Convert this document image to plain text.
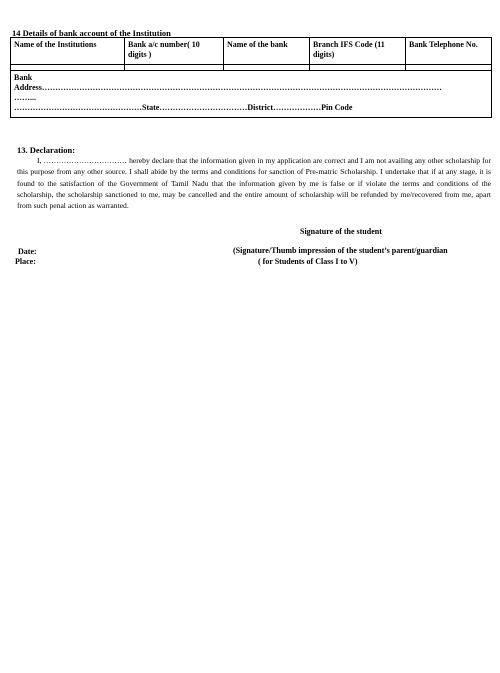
14 Details of bank account of the Institution
Name of the Institutions	Bank a/c number( 10 digits )	Name of the bank	Branch IFS Code (11 digits)	Bank Telephone No.

Bank
Address……………………………………………………………………………………………………………………………………
……...
…………………………………………State……………………………District………………Pin Code				
13. Declaration:
I, …………………………… hereby declare that the information given in my application are correct and I am not availing any other scholarship for this purpose from any other source. I shall abide by the terms and conditions for sanction of Pre-matric Scholarship. I undertake that if at any stage, it is found to the satisfaction of the Government of Tamil Nadu that the information given by me is false or if violate the terms and conditions of the scholarship, the scholarship sanctioned to me, may be cancelled and the entire amount of scholarship will be refunded by me/recovered from me, apart from such penal action as warranted.
Signature of the student
Date:
Place:
(Signature/Thumb impression of the student’s parent/guardian
( for Students of Class I to V)
